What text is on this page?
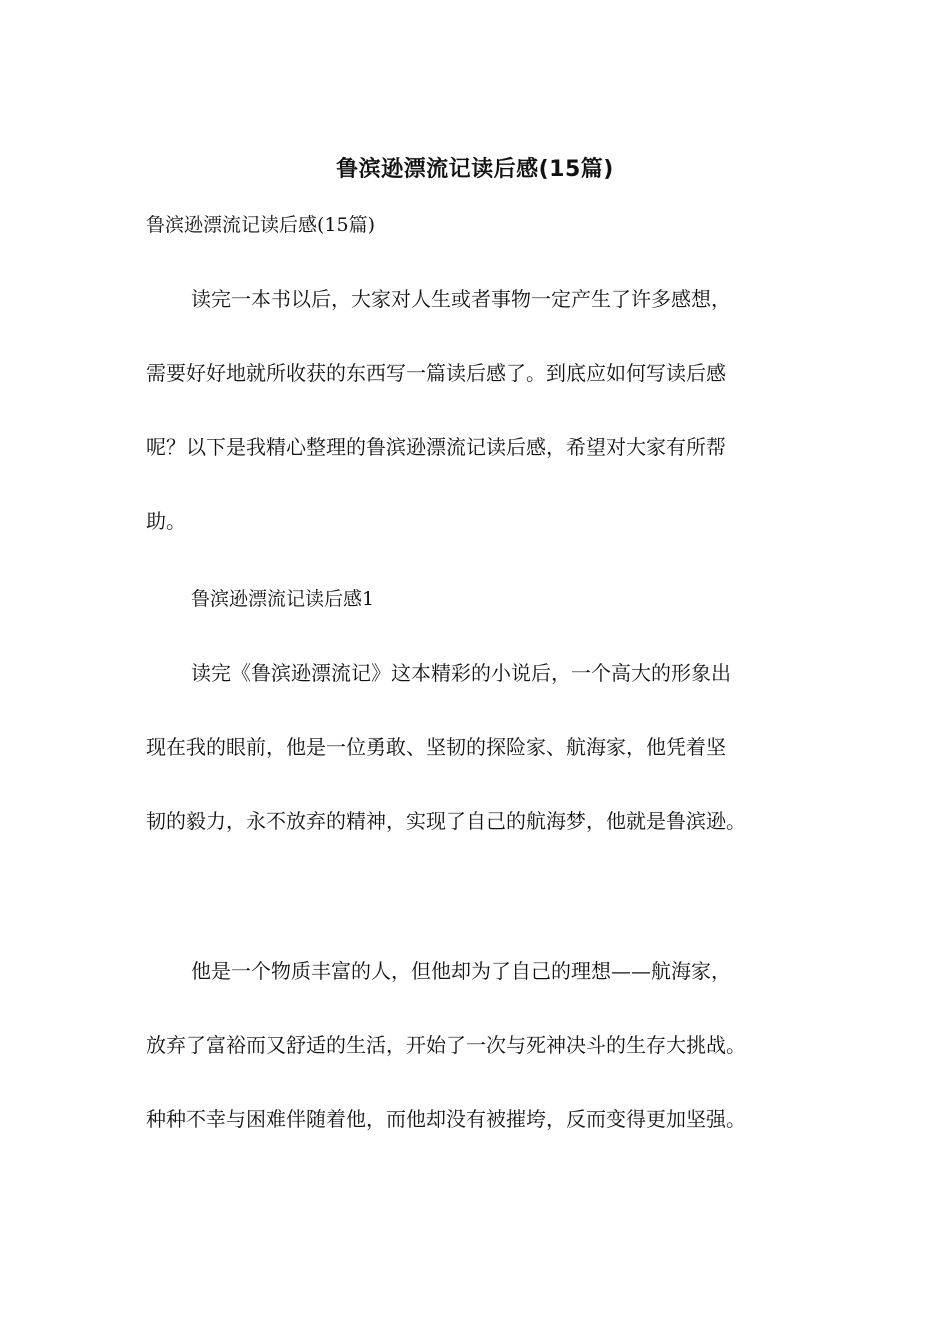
鲁滨逊漂流记读后感(15篇)
鲁滨逊漂流记读后感(15篇)
读完一本书以后，大家对人生或者事物一定产生了许多感想，
需要好好地就所收获的东西写一篇读后感了。到底应如何写读后感
呢？以下是我精心整理的鲁滨逊漂流记读后感，希望对大家有所帮
助。
鲁滨逊漂流记读后感1
读完《鲁滨逊漂流记》这本精彩的小说后，一个高大的形象出
现在我的眼前，他是一位勇敢、坚韧的探险家、航海家，他凭着坚
韧的毅力，永不放弃的精神，实现了自己的航海梦，他就是鲁滨逊。
他是一个物质丰富的人，但他却为了自己的理想——航海家，
放弃了富裕而又舒适的生活，开始了一次与死神决斗的生存大挑战。
种种不幸与困难伴随着他，而他却没有被摧垮，反而变得更加坚强。
